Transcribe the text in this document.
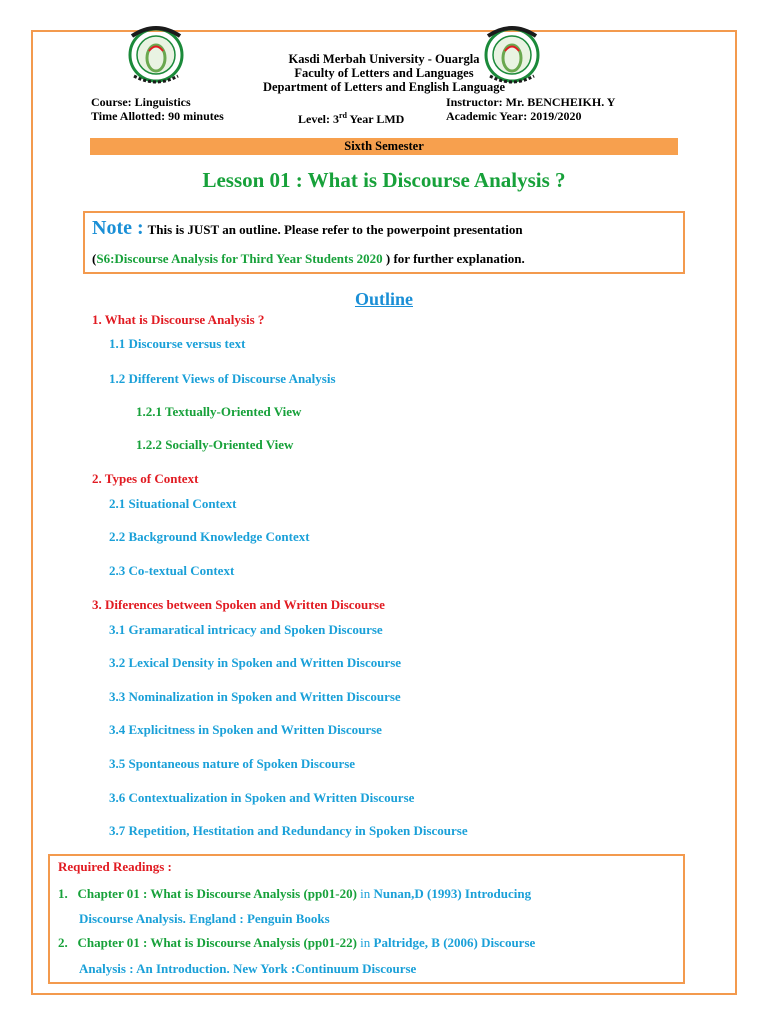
Kasdi Merbah University - Ouargla
Faculty of Letters and Languages
Department of Letters and English Language
Course: Linguistics	Instructor: Mr. BENCHEIKH. Y
Time Allotted: 90 minutes	Level: 3rd Year LMD	Academic Year: 2019/2020
Sixth Semester
Lesson 01 : What is Discourse Analysis ?
Note : This is JUST an outline. Please refer to the powerpoint presentation
(S6:Discourse Analysis for Third Year Students 2020 ) for further explanation.
Outline
1. What is Discourse Analysis ?
1.1 Discourse versus text
1.2 Different Views of Discourse Analysis
1.2.1 Textually-Oriented View
1.2.2 Socially-Oriented View
2. Types of Context
2.1 Situational Context
2.2 Background Knowledge Context
2.3 Co-textual Context
3. Diferences between Spoken and Written Discourse
3.1 Gramaratical intricacy and Spoken Discourse
3.2 Lexical Density in Spoken and Written Discourse
3.3 Nominalization in Spoken and Written Discourse
3.4 Explicitness in Spoken and Written Discourse
3.5 Spontaneous nature of Spoken Discourse
3.6 Contextualization in Spoken and Written Discourse
3.7 Repetition, Hestitation and Redundancy in Spoken Discourse
Required Readings :
1. Chapter 01 : What is Discourse Analysis (pp01-20) in Nunan,D (1993) Introducing
Discourse Analysis. England : Penguin Books
2. Chapter 01 : What is Discourse Analysis (pp01-22) in Paltridge, B (2006) Discourse
Analysis : An Introduction. New York :Continuum Discourse
